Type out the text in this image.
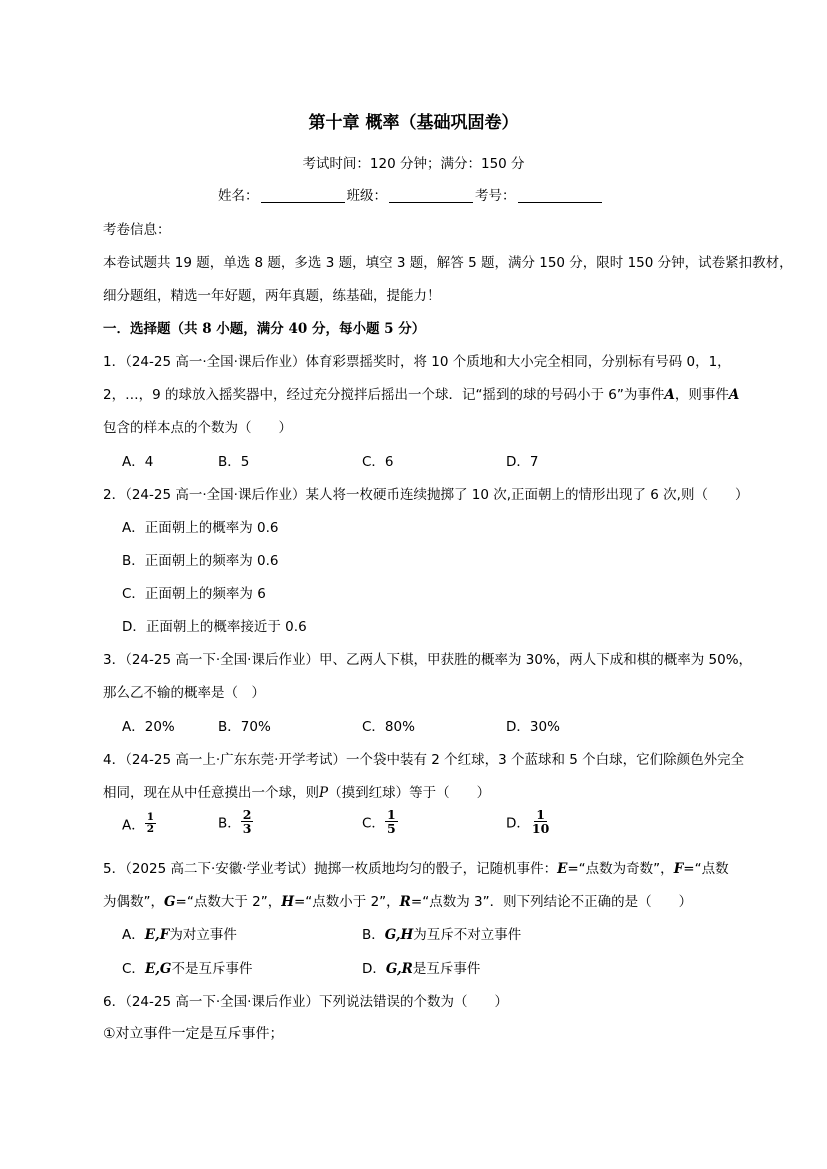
第十章 概率（基础巩固卷）
考试时间：120 分钟；满分：150 分
姓名：	班级：	考号：
考卷信息：
本卷试题共 19 题，单选 8 题，多选 3 题，填空 3 题，解答 5 题，满分 150 分，限时 150 分钟，试卷紧扣教材，
细分题组，精选一年好题，两年真题，练基础，提能力！
一．选择题（共 8 小题，满分 40 分，每小题 5 分）
1．（24-25 高一·全国·课后作业）体育彩票摇奖时，将 10 个质地和大小完全相同，分别标有号码 0，1，
2，…，9 的球放入摇奖器中，经过充分搅拌后摇出一个球．记“摇到的球的号码小于 6”为事件A，则事件A
包含的样本点的个数为（　　）
A．4	B．5	C．6	D．7
2．（24-25 高一·全国·课后作业）某人将一枚硬币连续抛掷了 10 次,正面朝上的情形出现了 6 次,则（　　）
A．正面朝上的概率为 0.6
B．正面朝上的频率为 0.6
C．正面朝上的频率为 6
D．正面朝上的概率接近于 0.6
3．（24-25 高一下·全国·课后作业）甲、乙两人下棋，甲获胜的概率为 30%，两人下成和棋的概率为 50%，
那么乙不输的概率是（　）
A．20%	B．70%	C．80%	D．30%
4．（24-25 高一上·广东东莞·开学考试）一个袋中装有 2 个红球，3 个蓝球和 5 个白球，它们除颜色外完全
相同，现在从中任意摸出一个球，则P（摸到红球）等于（　　）
A． $\frac{1}{2}$	B． $\frac{2}{3}$	C． $\frac{1}{5}$	D． $\frac{1}{10}$
5．（2025 高二下·安徽·学业考试）抛掷一枚质地均匀的骰子，记随机事件：E=“点数为奇数”，F=“点数
为偶数”，G=“点数大于 2”，H=“点数小于 2”，R=“点数为 3”．则下列结论不正确的是（　　）
A．E,F为对立事件	B．G,H为互斥不对立事件
C．E,G不是互斥事件	D．G,R是互斥事件
6．（24-25 高一下·全国·课后作业）下列说法错误的个数为（　　）
①对立事件一定是互斥事件；
